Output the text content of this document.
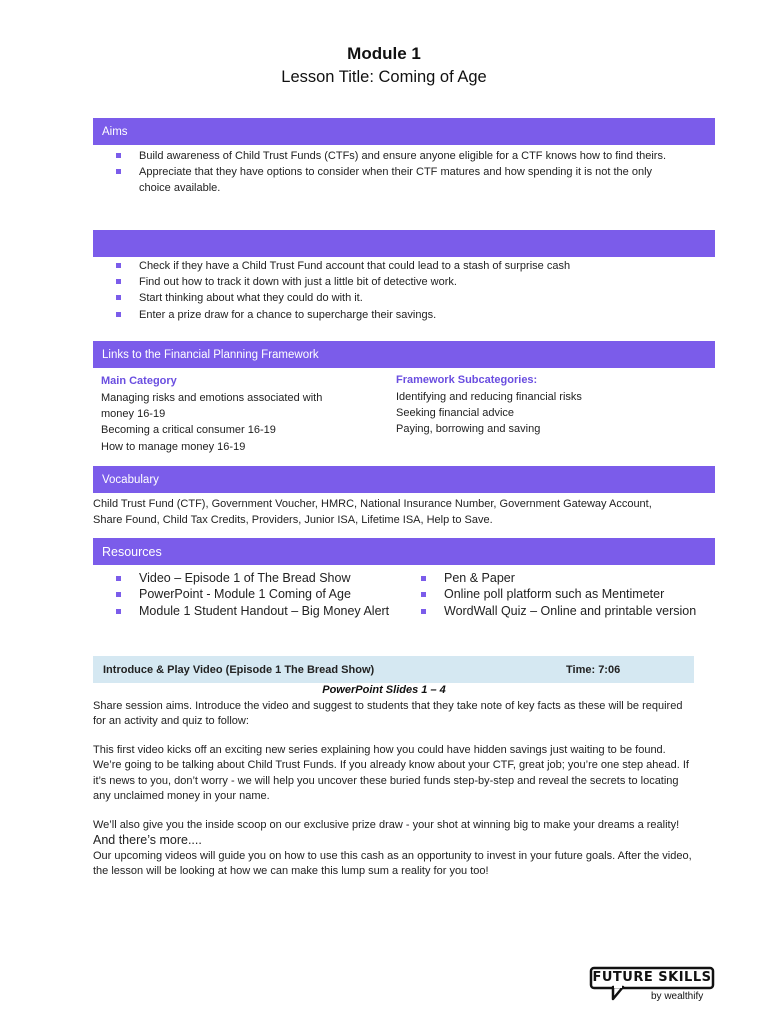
Module 1
Lesson Title: Coming of Age
Aims
Build awareness of Child Trust Funds (CTFs) and ensure anyone eligible for a CTF knows how to find theirs.
Appreciate that they have options to consider when their CTF matures and how spending it is not the only choice available.
Check if they have a Child Trust Fund account that could lead to a stash of surprise cash
Find out how to track it down with just a little bit of detective work.
Start thinking about what they could do with it.
Enter a prize draw for a chance to supercharge their savings.
Links to the Financial Planning Framework
Main Category
Managing risks and emotions associated with money 16-19
Becoming a critical consumer 16-19
How to manage money 16-19
Framework Subcategories:
Identifying and reducing financial risks
Seeking financial advice
Paying, borrowing and saving
Vocabulary
Child Trust Fund (CTF), Government Voucher, HMRC, National Insurance Number, Government Gateway Account, Share Found, Child Tax Credits, Providers, Junior ISA, Lifetime ISA, Help to Save.
Resources
Video – Episode 1 of The Bread Show
PowerPoint - Module 1 Coming of Age
Module 1 Student Handout – Big Money Alert
Pen & Paper
Online poll platform such as Mentimeter
WordWall Quiz – Online and printable version
Introduce & Play Video (Episode 1 The Bread Show)	Time: 7:06
PowerPoint Slides 1 – 4
Share session aims. Introduce the video and suggest to students that they take note of key facts as these will be required for an activity and quiz to follow:
This first video kicks off an exciting new series explaining how you could have hidden savings just waiting to be found. We’re going to be talking about Child Trust Funds. If you already know about your CTF, great job; you’re one step ahead. If it’s news to you, don’t worry - we will help you uncover these buried funds step-by-step and reveal the secrets to locating any unclaimed money in your name.
We’ll also give you the inside scoop on our exclusive prize draw - your shot at winning big to make your dreams a reality! And there’s more....
Our upcoming videos will guide you on how to use this cash as an opportunity to invest in your future goals. After the video, the lesson will be looking at how we can make this lump sum a reality for you too!
FUTURE SKILLS
by wealthify
